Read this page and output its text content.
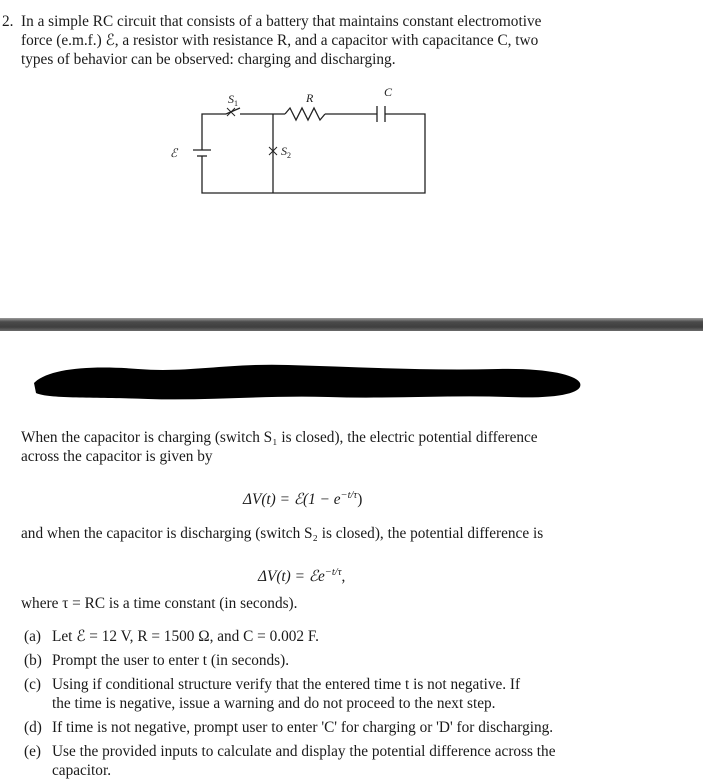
2. In a simple RC circuit that consists of a battery that maintains constant electromotive
force (e.m.f.) ℰ, a resistor with resistance R, and a capacitor with capacitance C, two
types of behavior can be observed: charging and discharging.
$S_1$	R	C
ℰ	$S_2$
When the capacitor is charging (switch S₁ is closed), the electric potential difference
across the capacitor is given by
ΔV(t) = ℰ(1 − $e^{-t/\tau}$)
and when the capacitor is discharging (switch S₂ is closed), the potential difference is
ΔV(t) = ℰe$^{-t/\tau}$,
where τ = RC is a time constant (in seconds).
(a) Let ℰ = 12 V, R = 1500 Ω, and C = 0.002 F.
(b) Prompt the user to enter t (in seconds).
(c) Using if conditional structure verify that the entered time t is not negative. If
the time is negative, issue a warning and do not proceed to the next step.
(d) If time is not negative, prompt user to enter 'C' for charging or 'D' for discharging.
(e) Use the provided inputs to calculate and display the potential difference across the
capacitor.
